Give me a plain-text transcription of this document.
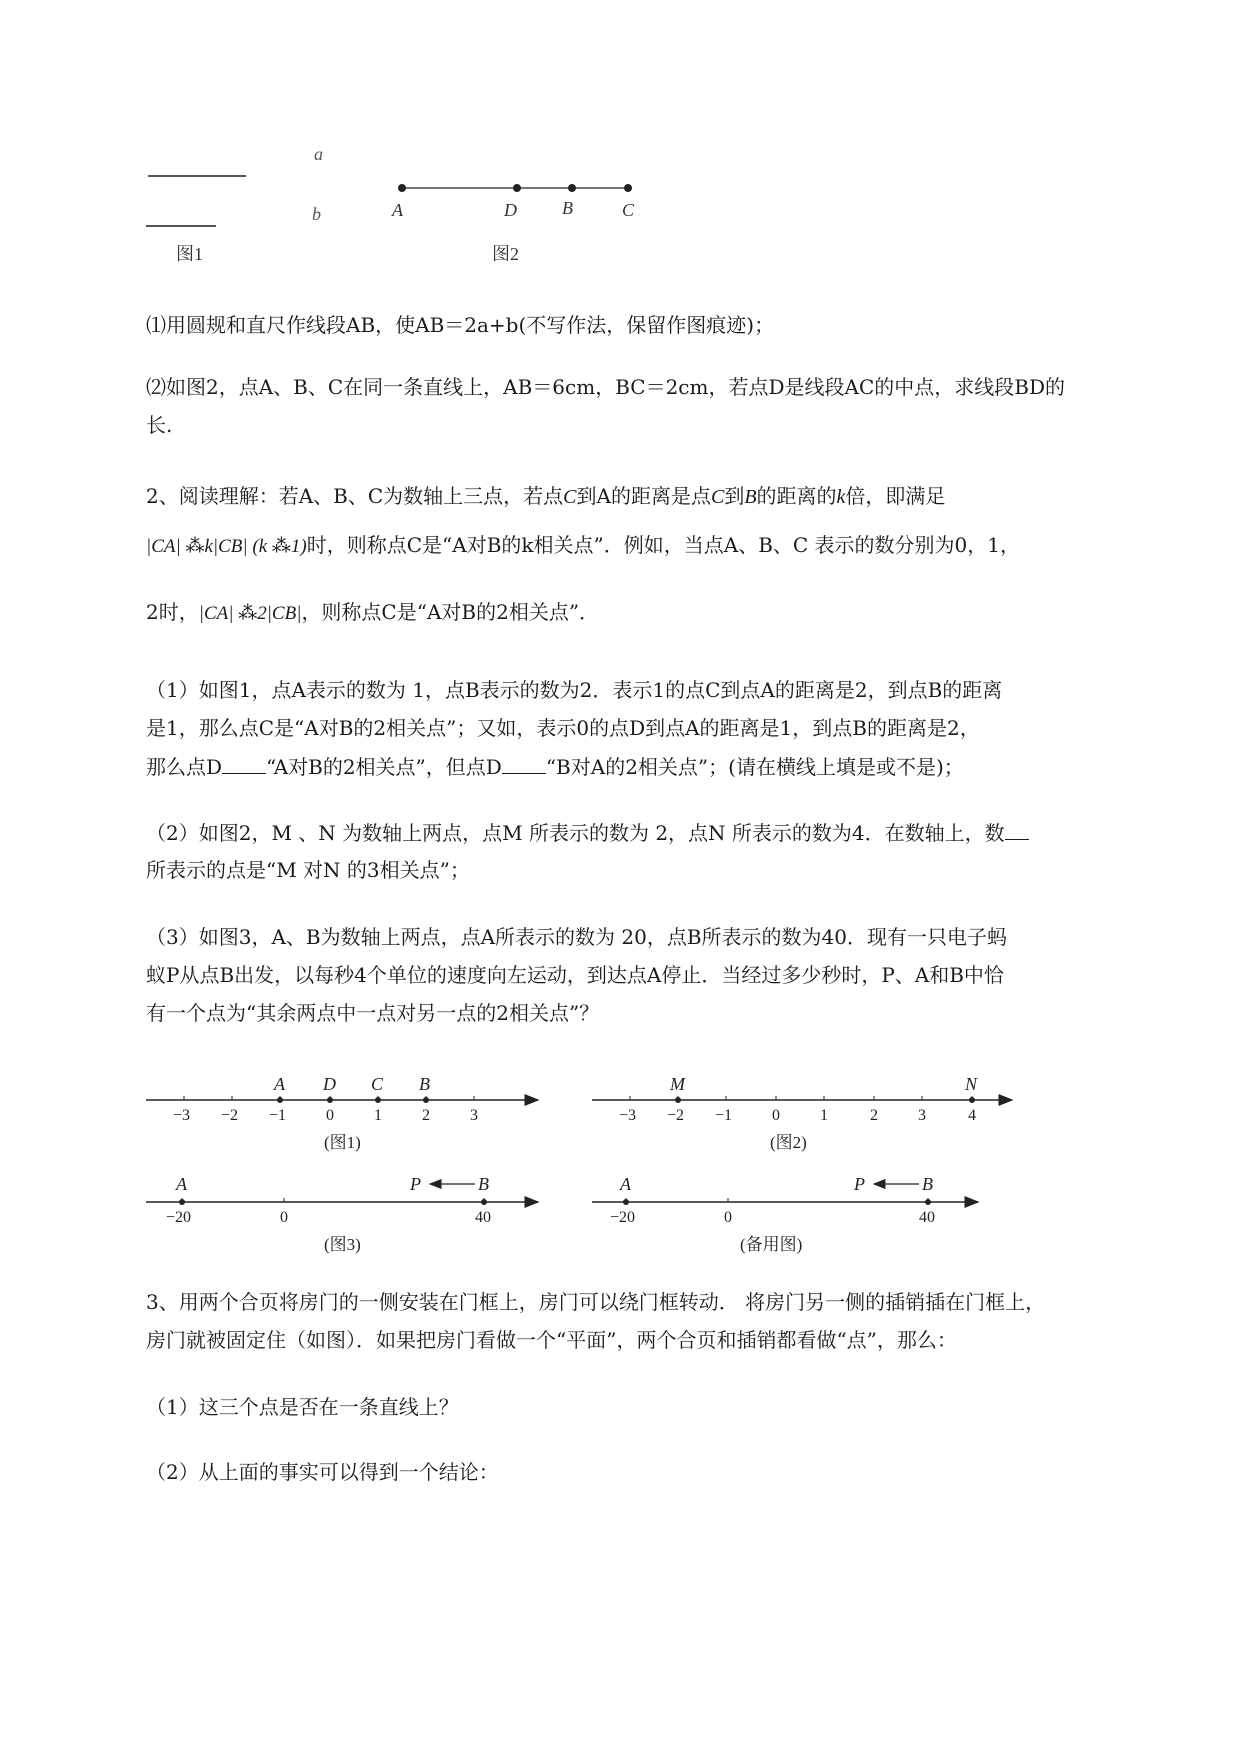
a
b
图1
A	D	B	C
图2
⑴用圆规和直尺作线段AB，使AB＝2a+b(不写作法，保留作图痕迹)；
⑵如图2，点A、B、C在同一条直线上，AB＝6cm，BC＝2cm，若点D是线段AC的中点，求线段BD的
长.
2、阅读理解：若A、B、C为数轴上三点，若点C到A的距离是点C到B的距离的k倍，即满足
|CA| ⁂k|CB| (k ⁂1)时，则称点C是“A对B的k相关点”．例如，当点A、B、C 表示的数分别为0，1，
2时，|CA| ⁂2|CB|，则称点C是“A对B的2相关点”．
（1）如图1，点A表示的数为 1，点B表示的数为2．表示1的点C到点A的距离是2，到点B的距离
是1，那么点C是“A对B的2相关点”；又如，表示0的点D到点A的距离是1，到点B的距离是2，
那么点D “A对B的2相关点”，但点D “B对A的2相关点”；(请在横线上填是或不是)；
（2）如图2，M 、N 为数轴上两点，点M 所表示的数为 2，点N 所表示的数为4．在数轴上，数
所表示的点是“M 对N 的3相关点”；
（3）如图3，A、B为数轴上两点，点A所表示的数为 20，点B所表示的数为40．现有一只电子蚂
蚁P从点B出发，以每秒4个单位的速度向左运动，到达点A停止．当经过多少秒时，P、A和B中恰
有一个点为“其余两点中一点对另一点的2相关点”？
−3 −2 −1 0	1	2	3
A D C B
(图1)
−3 −2 −1 0	1	2	3	4
M	N
(图2)
−20	0	40
A	P	B
(图3)
−20	0	40
A	P	B
(备用图)
3、用两个合页将房门的一侧安装在门框上，房门可以绕门框转动． 将房门另一侧的插销插在门框上，
房门就被固定住（如图）．如果把房门看做一个“平面”，两个合页和插销都看做“点”，那么：
（1）这三个点是否在一条直线上？
（2）从上面的事实可以得到一个结论：
